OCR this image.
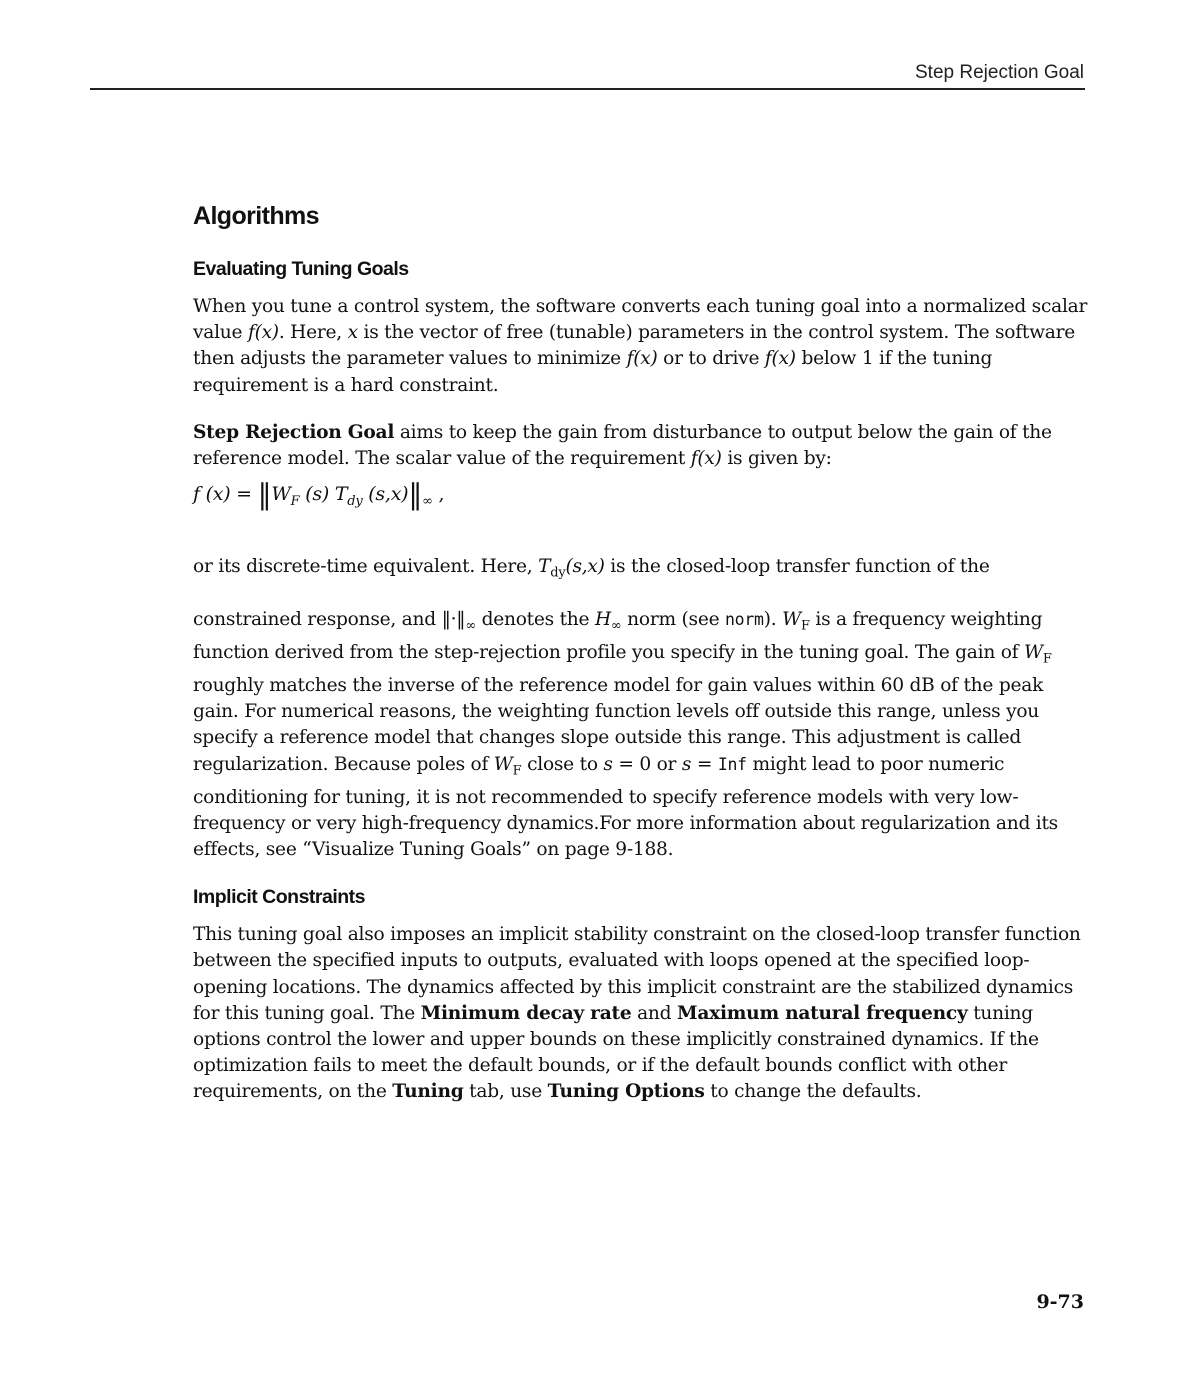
Step Rejection Goal
Algorithms
Evaluating Tuning Goals

When you tune a control system, the software converts each tuning goal into a normalized scalar value f(x). Here, x is the vector of free (tunable) parameters in the control system. The software then adjusts the parameter values to minimize f(x) or to drive f(x) below 1 if the tuning requirement is a hard constraint.

Step Rejection Goal aims to keep the gain from disturbance to output below the gain of the reference model. The scalar value of the requirement f(x) is given by:

f $(x) = ‖W_F$ (s) $T_{dy}$ $(s,x)‖_\infty$ ,

or its discrete-time equivalent. Here, $T_{dy}(s,x)$ is the closed-loop transfer function of the

constrained response, and $‖\cdot‖_\infty$ denotes the $H_\infty$ norm (see norm). $W_F$ is a frequency weighting function derived from the step-rejection profile you specify in the tuning goal. The gain of $W_F$ roughly matches the inverse of the reference model for gain values within 60 dB of the peak gain. For numerical reasons, the weighting function levels off outside this range, unless you specify a reference model that changes slope outside this range. This adjustment is called regularization. Because poles of $W_F$ close to s = 0 or s = Inf might lead to poor numeric conditioning for tuning, it is not recommended to specify reference models with very low-frequency or very high-frequency dynamics.For more information about regularization and its effects, see “Visualize Tuning Goals” on page 9-188.

Implicit Constraints

This tuning goal also imposes an implicit stability constraint on the closed-loop transfer function between the specified inputs to outputs, evaluated with loops opened at the specified loop-opening locations. The dynamics affected by this implicit constraint are the stabilized dynamics for this tuning goal. The Minimum decay rate and Maximum natural frequency tuning options control the lower and upper bounds on these implicitly constrained dynamics. If the optimization fails to meet the default bounds, or if the default bounds conflict with other requirements, on the Tuning tab, use Tuning Options to change the defaults.

9-73
